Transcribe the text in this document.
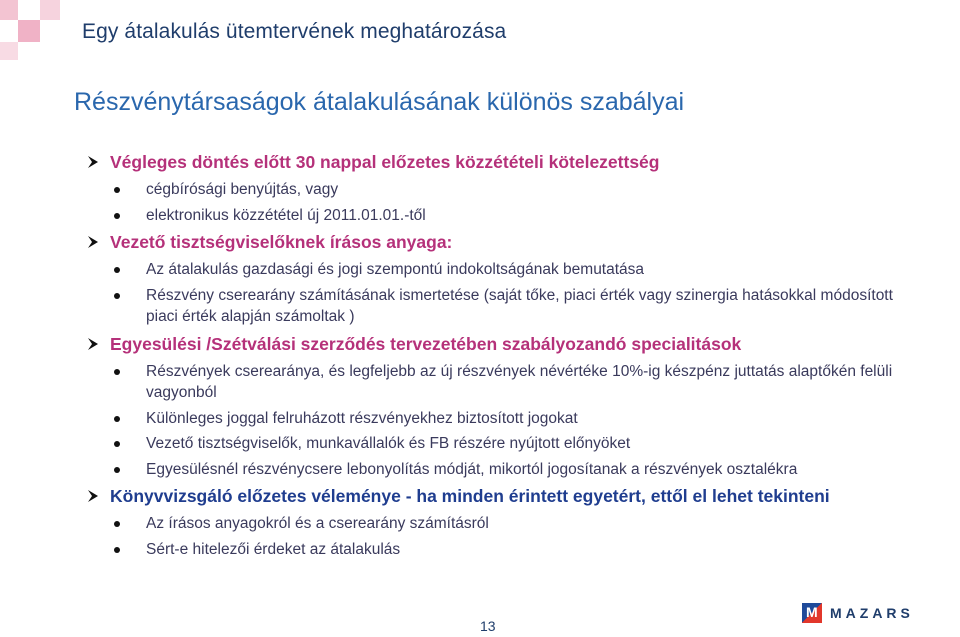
Egy átalakulás ütemtervének meghatározása
Részvénytársaságok átalakulásának különös szabályai
Végleges döntés előtt 30 nappal előzetes közzétételi kötelezettség
cégbírósági benyújtás, vagy
elektronikus közzététel új 2011.01.01.-től
Vezető tisztségviselőknek írásos anyaga:
Az átalakulás gazdasági és jogi szempontú indokoltságának bemutatása
Részvény cserearány számításának ismertetése (saját tőke, piaci érték vagy szinergia hatásokkal módosított piaci érték alapján számoltak )
Egyesülési /Szétválási szerződés tervezetében szabályozandó specialitások
Részvények cserearánya, és legfeljebb az új részvények névértéke 10%-ig készpénz juttatás alaptőkén felüli vagyonból
Különleges joggal felruházott részvényekhez biztosított jogokat
Vezető tisztségviselők, munkavállalók és FB részére nyújtott előnyöket
Egyesülésnél részvénycsere lebonyolítás módját, mikortól jogosítanak a részvények osztalékra
Könyvvizsgáló előzetes véleménye - ha minden érintett egyetért, ettől el lehet tekinteni
Az írásos anyagokról és a cserearány számításról
Sért-e hitelezői érdeket az átalakulás
13
M MAZARS
